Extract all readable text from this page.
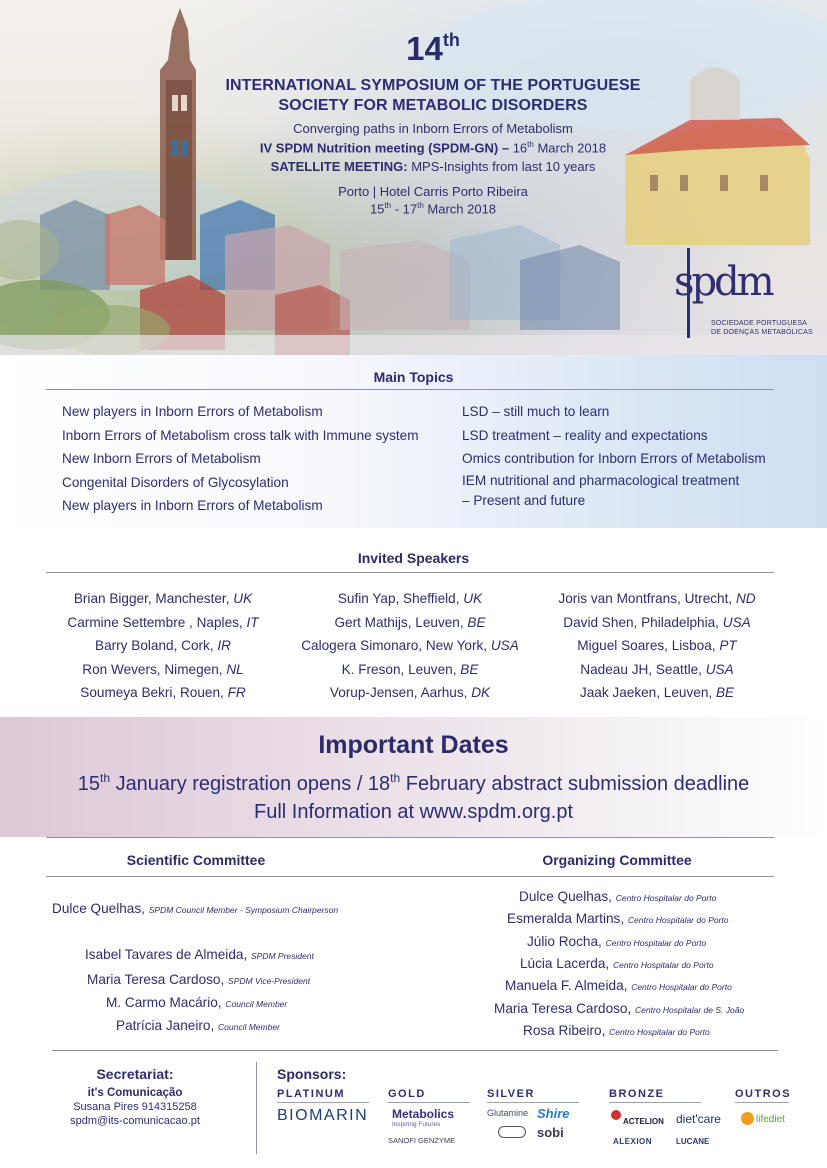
14th
INTERNATIONAL SYMPOSIUM OF THE PORTUGUESE
SOCIETY FOR METABOLIC DISORDERS
Converging paths in Inborn Errors of Metabolism
IV SPDM Nutrition meeting (SPDM-GN) – 16th March 2018
SATELLITE MEETING: MPS-Insights from last 10 years
Porto | Hotel Carris Porto Ribeira
15th - 17th March 2018
spdm
SOCIEDADE PORTUGUESA
DE DOENÇAS METABÓLICAS
Main Topics
New players in Inborn Errors of Metabolism
Inborn Errors of Metabolism cross talk with Immune system
New Inborn Errors of Metabolism
Congenital Disorders of Glycosylation
New players in Inborn Errors of Metabolism
LSD – still much to learn
LSD treatment – reality and expectations
Omics contribution for Inborn Errors of Metabolism
IEM nutritional and pharmacological treatment
– Present and future
Invited Speakers
Brian Bigger, Manchester, UK
Carmine Settembre , Naples, IT
Barry Boland, Cork, IR
Ron Wevers, Nimegen, NL
Soumeya Bekri, Rouen, FR
Sufin Yap, Sheffield, UK
Gert Mathijs, Leuven, BE
Calogera Simonaro, New York, USA
K. Freson, Leuven, BE
Vorup-Jensen, Aarhus, DK
Joris van Montfrans, Utrecht, ND
David Shen, Philadelphia, USA
Miguel Soares, Lisboa, PT
Nadeau JH, Seattle, USA
Jaak Jaeken, Leuven, BE
Important Dates
15th January registration opens / 18th February abstract submission deadline
Full Information at www.spdm.org.pt
Scientific Committee	Organizing Committee
Dulce Quelhas, SPDM Council Member - Symposium Chairperson
Isabel Tavares de Almeida, SPDM President
Maria Teresa Cardoso, SPDM Vice-President
M. Carmo Macário, Council Member
Patrícia Janeiro, Council Member
Dulce Quelhas, Centro Hospitalar do Porto
Esmeralda Martins, Centro Hospitalar do Porto
Júlio Rocha, Centro Hospitalar do Porto
Lúcia Lacerda, Centro Hospitalar do Porto
Manuela F. Almeida, Centro Hospitalar do Porto
Maria Teresa Cardoso, Centro Hospitalar de S. João
Rosa Ribeiro, Centro Hospitalar do Porto
Secretariat:
it's Comunicação
Susana Pires 914315258
spdm@its-comunicacao.pt
Sponsors:
PLATINUM	GOLD	SILVER	BRONZE	OUTROS
BIOMARIN Metabolics
Inspiring Futures
SANOFI GENZYME
Glutamine Shire
sobi
ACTELION
ALEXION
diet'care	lifediet
LUCANE
